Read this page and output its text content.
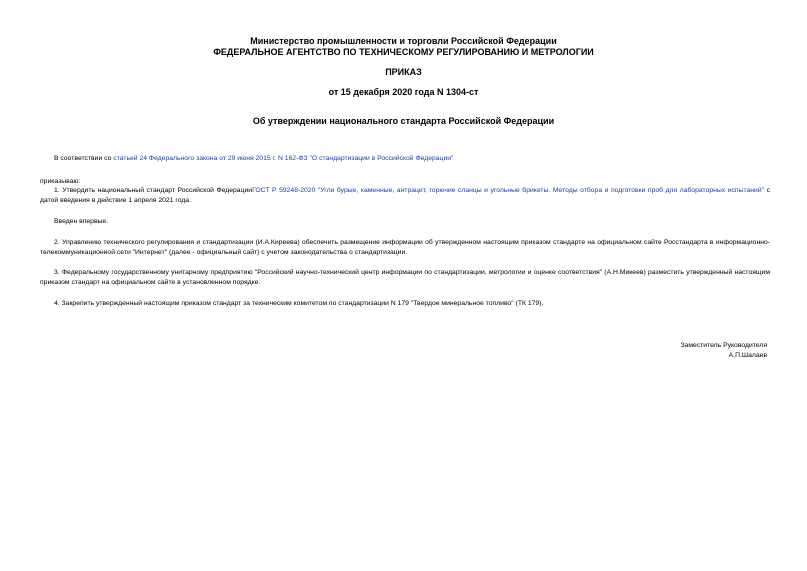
Министерство промышленности и торговли Российской Федерации
ФЕДЕРАЛЬНОЕ АГЕНТСТВО ПО ТЕХНИЧЕСКОМУ РЕГУЛИРОВАНИЮ И МЕТРОЛОГИИ
ПРИКАЗ
от 15 декабря 2020 года N 1304-ст
Об утверждении национального стандарта Российской Федерации
В соответствии со статьей 24 Федерального закона от 29 июня 2015 г. N 162-ФЗ "О стандартизации в Российской Федерации"
приказываю:
1. Утвердить национальный стандарт Российской ФедерацииГОСТ Р 59248-2020 "Угли бурые, каменные, антрацит, горючие сланцы и угольные брикеты. Методы отбора и подготовки проб для лабораторных испытаний" с датой введения в действие 1 апреля 2021 года.
Введен впервые.
2. Управлению технического регулирования и стандартизации (И.А.Киреева) обеспечить размещение информации об утвержденном настоящим приказом стандарте на официальном сайте Росстандарта в информационно-телекоммуникационной сети "Интернет" (далее - официальный сайт) с учетом законодательства о стандартизации.
3. Федеральному государственному унитарному предприятию "Российский научно-технический центр информации по стандартизации, метрологии и оценке соответствия" (А.Н.Микеев) разместить утвержденный настоящим приказом стандарт на официальном сайте в установленном порядке.
4. Закрепить утвержденный настоящим приказом стандарт за техническим комитетом по стандартизации N 179 "Твердое минеральное топливо" (ТК 179).
Заместитель Руководителя
А.П.Шалаев
